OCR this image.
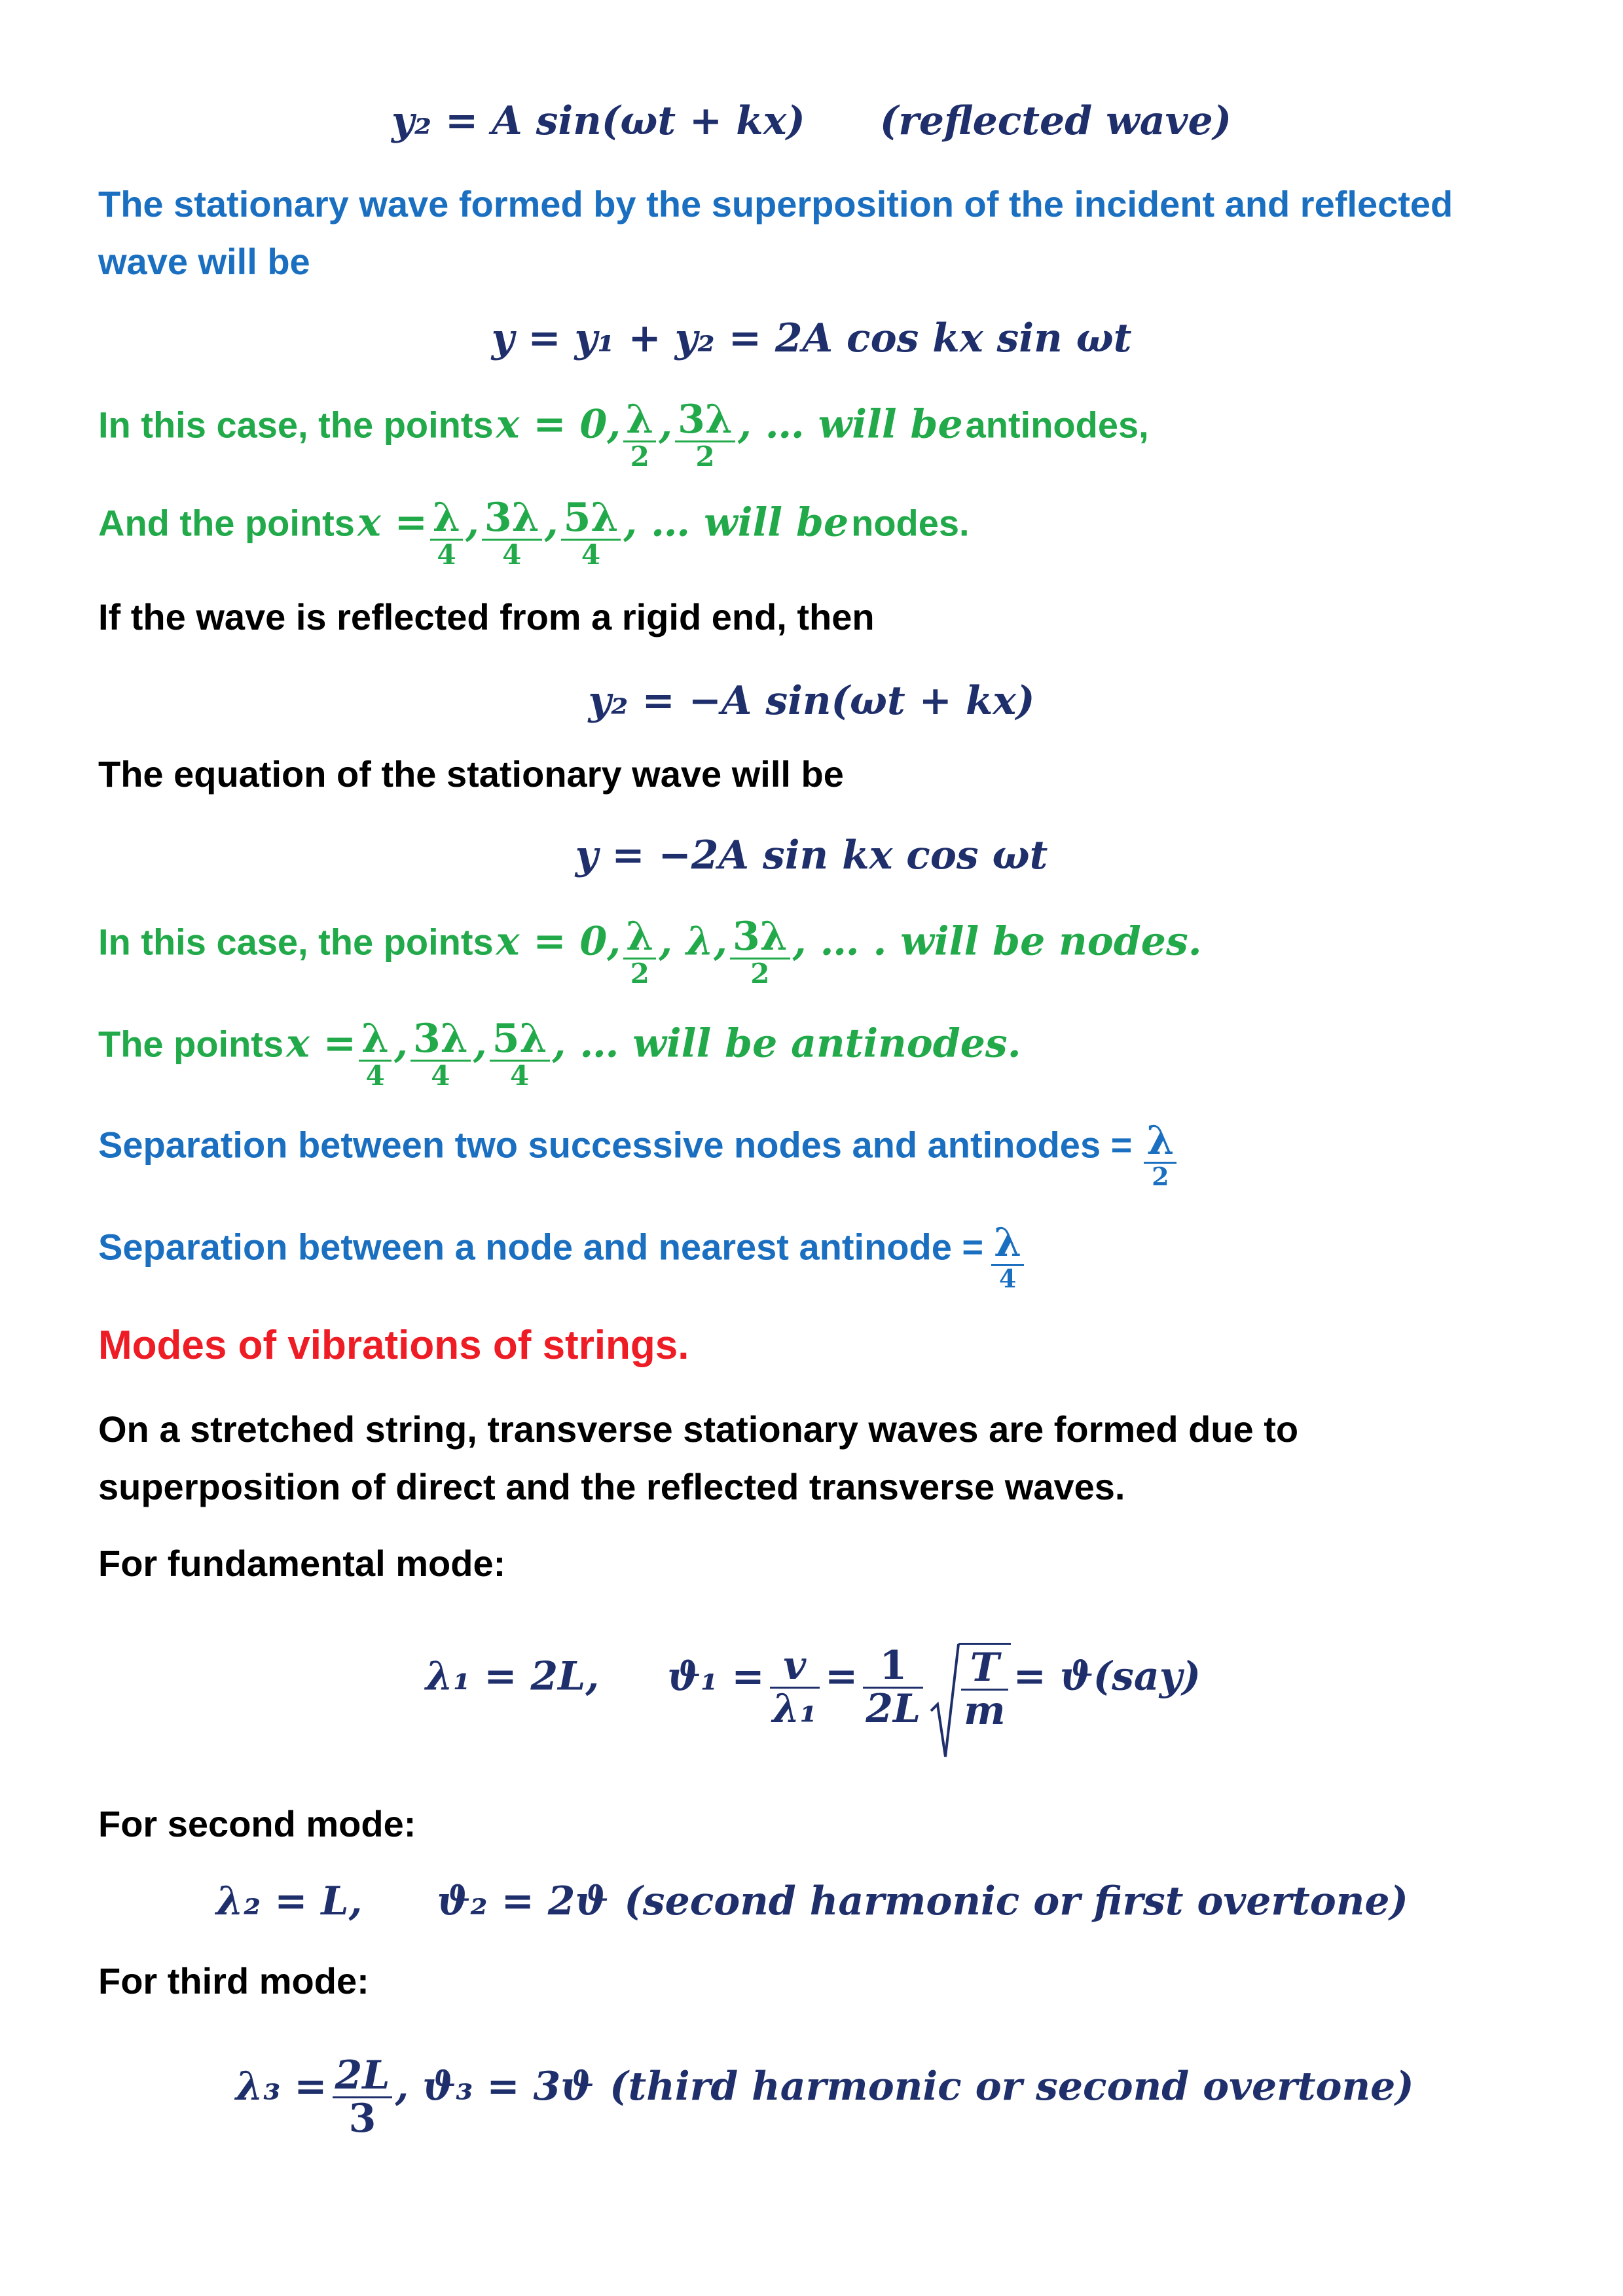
y₂ = A sin(ωt + kx) (reflected wave)
The stationary wave formed by the superposition of the incident and reflected wave will be
y = y₁ + y₂ = 2A cos kx sin ωt
In this case, the points x = 0, $\frac{\lambda}{2}$ , $\frac{3\lambda}{2}$ , … will be antinodes,
And the points $x = \frac{\lambda}{4}$ , $\frac{3\lambda}{4}$ , $\frac{5\lambda}{4}$ , … will be nodes.
If the wave is reflected from a rigid end, then
y₂ = −A sin(ωt + kx)
The equation of the stationary wave will be
y = −2A sin kx cos ωt
In this case, the points x = 0, $\frac{\lambda}{2}$ , λ, $\frac{3\lambda}{2}$ , … . will be nodes.
The points $x = \frac{\lambda}{4}$ , $\frac{3\lambda}{4}$ , $\frac{5\lambda}{4}$ , … will be antinodes.
Separation between two successive nodes and antinodes = $\frac{\lambda}{2}$
Separation between a node and nearest antinode = $\frac{\lambda}{4}$
Modes of vibrations of strings.
On a stretched string, transverse stationary waves are formed due to superposition of direct and the reflected transverse waves.
For fundamental mode:
λ₁ = 2L, $ϑ_1 = \frac{v}{\text{λ₁}} = \frac{1}{2L}$
$\frac{T}{m} = ϑ(say)$
For second mode:
λ₂ = L, ϑ₂ = 2ϑ (second harmonic or first overtone)
For third mode:
$\lambda_3 = \frac{2L}{3}$ , ϑ₃ = 3ϑ (third harmonic or second overtone)
